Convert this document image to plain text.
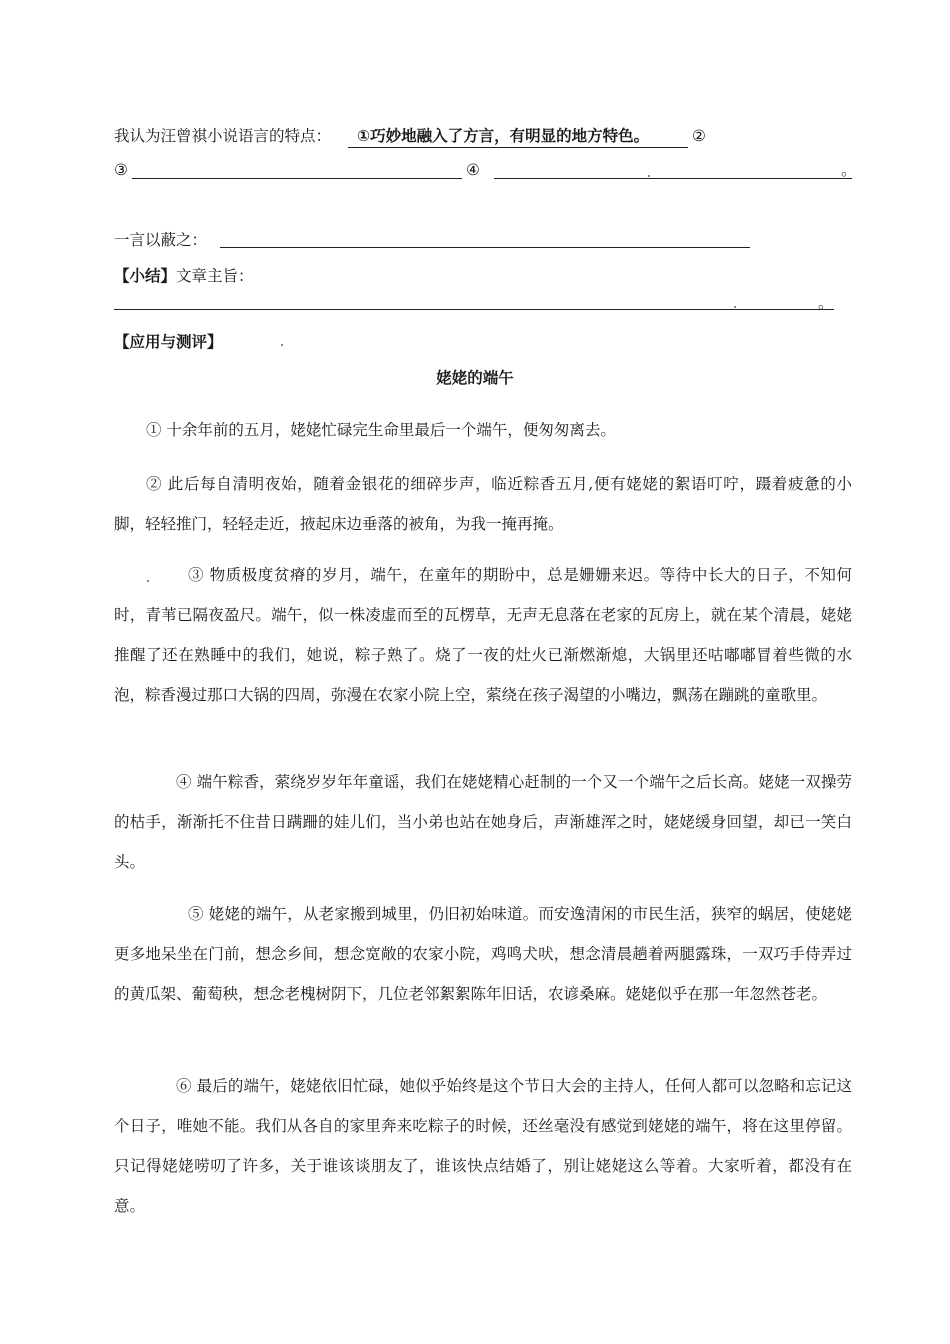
我认为汪曾祺小说语言的特点： ①巧妙地融入了方言，有明显的地方特色。	②
③	④	。
一言以蔽之：
【小结】文章主旨：
。
【应用与测评】
姥姥的端午
① 十余年前的五月，姥姥忙碌完生命里最后一个端午，便匆匆离去。
② 此后每自清明夜始，随着金银花的细碎步声，临近粽香五月,便有姥姥的絮语叮咛，蹑着疲惫的小脚，轻轻推门，轻轻走近，掖起床边垂落的被角，为我一掩再掩。
③ 物质极度贫瘠的岁月，端午，在童年的期盼中，总是姗姗来迟。等待中长大的日子，不知何时，青苇已隔夜盈尺。端午，似一株凌虚而至的瓦楞草，无声无息落在老家的瓦房上，就在某个清晨，姥姥推醒了还在熟睡中的我们，她说，粽子熟了。烧了一夜的灶火已渐燃渐熄，大锅里还咕嘟嘟冒着些微的水泡，粽香漫过那口大锅的四周，弥漫在农家小院上空，萦绕在孩子渴望的小嘴边，飘荡在蹦跳的童歌里。
④ 端午粽香，萦绕岁岁年年童谣，我们在姥姥精心赶制的一个又一个端午之后长高。姥姥一双操劳的枯手，渐渐托不住昔日蹒跚的娃儿们，当小弟也站在她身后，声渐雄浑之时，姥姥缓身回望，却已一笑白头。
⑤ 姥姥的端午，从老家搬到城里，仍旧初始味道。而安逸清闲的市民生活，狭窄的蜗居，使姥姥更多地呆坐在门前，想念乡间，想念宽敞的农家小院，鸡鸣犬吠，想念清晨趟着两腿露珠，一双巧手侍弄过的黄瓜架、葡萄秧，想念老槐树阴下，几位老邻絮絮陈年旧话，农谚桑麻。姥姥似乎在那一年忽然苍老。
⑥ 最后的端午，姥姥依旧忙碌，她似乎始终是这个节日大会的主持人，任何人都可以忽略和忘记这个日子，唯她不能。我们从各自的家里奔来吃粽子的时候，还丝毫没有感觉到姥姥的端午，将在这里停留。只记得姥姥唠叨了许多，关于谁该谈朋友了，谁该快点结婚了，别让姥姥这么等着。大家听着，都没有在意。
